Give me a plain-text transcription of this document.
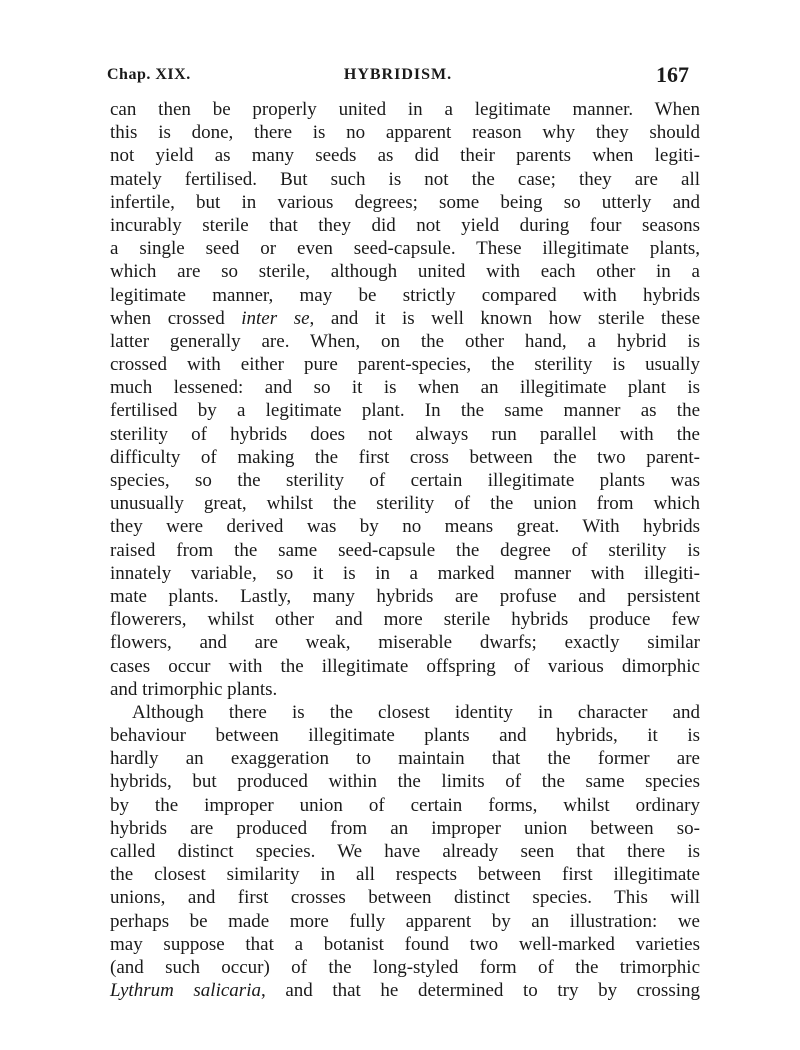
Chap. XIX.	HYBRIDISM.	167
can then be properly united in a legitimate manner. When
this is done, there is no apparent reason why they should
not yield as many seeds as did their parents when legiti-
mately fertilised. But such is not the case; they are all
infertile, but in various degrees; some being so utterly and
incurably sterile that they did not yield during four seasons
a single seed or even seed-capsule. These illegitimate plants,
which are so sterile, although united with each other in a
legitimate manner, may be strictly compared with hybrids
when crossed inter se, and it is well known how sterile these
latter generally are. When, on the other hand, a hybrid is
crossed with either pure parent-species, the sterility is usually
much lessened: and so it is when an illegitimate plant is
fertilised by a legitimate plant. In the same manner as the
sterility of hybrids does not always run parallel with the
difficulty of making the first cross between the two parent-
species, so the sterility of certain illegitimate plants was
unusually great, whilst the sterility of the union from which
they were derived was by no means great. With hybrids
raised from the same seed-capsule the degree of sterility is
innately variable, so it is in a marked manner with illegiti-
mate plants. Lastly, many hybrids are profuse and persistent
flowerers, whilst other and more sterile hybrids produce few
flowers, and are weak, miserable dwarfs; exactly similar
cases occur with the illegitimate offspring of various dimorphic
and trimorphic plants.
Although there is the closest identity in character and
behaviour between illegitimate plants and hybrids, it is
hardly an exaggeration to maintain that the former are
hybrids, but produced within the limits of the same species
by the improper union of certain forms, whilst ordinary
hybrids are produced from an improper union between so-
called distinct species. We have already seen that there is
the closest similarity in all respects between first illegitimate
unions, and first crosses between distinct species. This will
perhaps be made more fully apparent by an illustration: we
may suppose that a botanist found two well-marked varieties
(and such occur) of the long-styled form of the trimorphic
Lythrum salicaria, and that he determined to try by crossing
